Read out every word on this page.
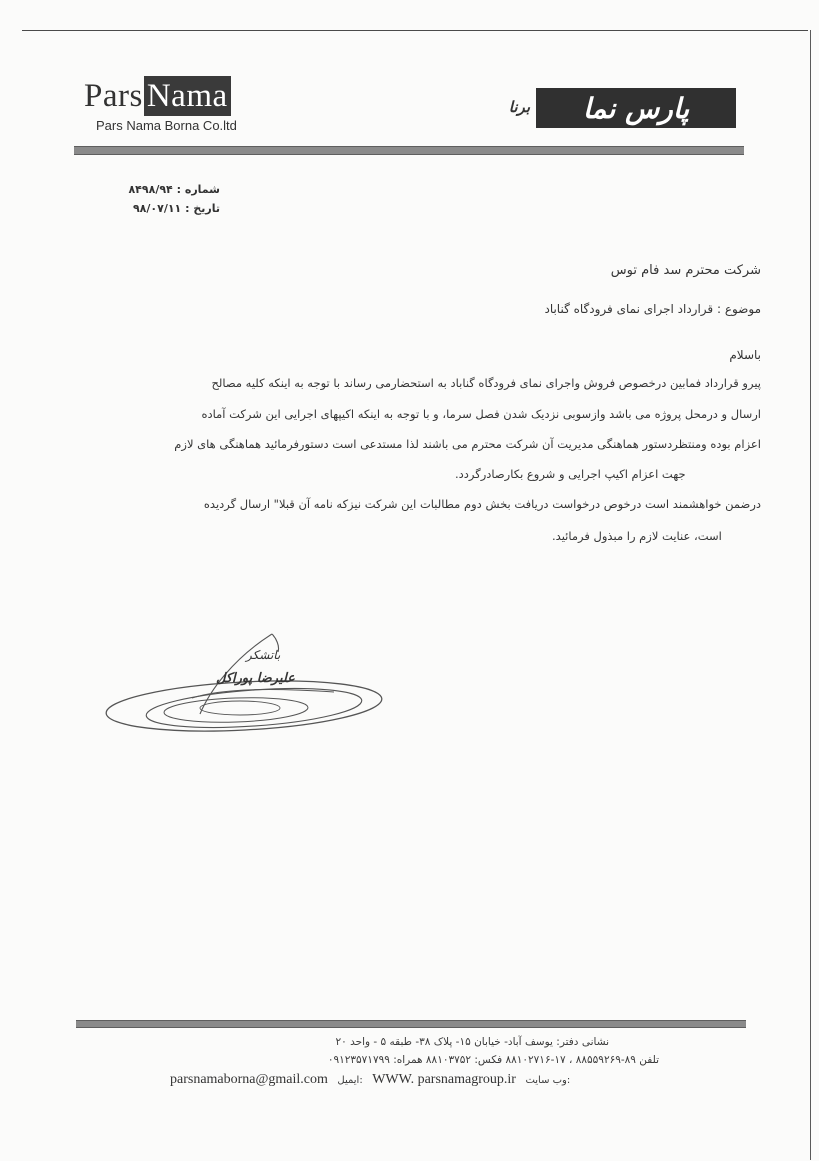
Pars Nama
Pars Nama Borna Co.ltd
پارس نما
برنا
شماره : ۸۴۹۸/۹۴
تاریخ : ۹۸/۰۷/۱۱
شرکت محترم سد فام توس
موضوع : قرارداد اجرای نمای فرودگاه گناباد
باسلام
پیرو قرارداد فمابین درخصوص فروش واجرای نمای فرودگاه گناباد به استحضارمی رساند با توجه به اینکه کلیه مصالح
ارسال و درمحل پروژه می باشد وازسوبی نزدیک شدن فصل سرما، و با توجه به اینکه اکیپهای اجرایی این شرکت آماده
اعزام بوده ومنتظردستور هماهنگی مدیریت آن شرکت محترم می باشند لذا مستدعی است دستورفرمائید هماهنگی های لازم
جهت اعزام اکیپ اجرایی و شروع بکارصادرگردد.
درضمن خواهشمند است درخوص درخواست دریافت بخش دوم مطالبات این شرکت نیزکه نامه آن قبلا" ارسال گردیده
است، عنایت لازم را مبذول فرمائید.
باتشکر
علیرضا پوراکل
نشانی دفتر: یوسف آباد- خیابان ۱۵- پلاک ۳۸- طبقه ۵ - واحد ۲۰
تلفن ۸۹-۸۸۵۵۹۲۶۹ ، ۱۷-۸۸۱۰۲۷۱۶ فکس: ۸۸۱۰۳۷۵۲ همراه: ۰۹۱۲۳۵۷۱۷۹۹
parsnamaborna@gmail.com ایمیل: WWW. parsnamagroup.ir وب سایت:
